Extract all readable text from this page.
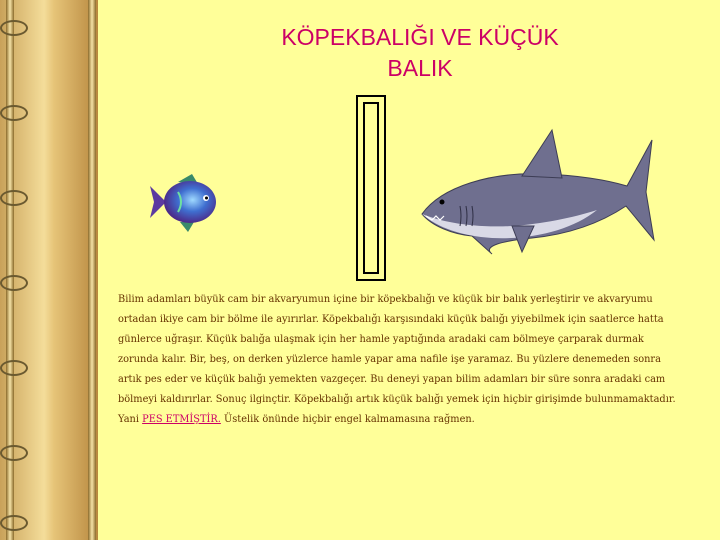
KÖPEKBALIĞI VE KÜÇÜK
BALIK

Bilim adamları büyük cam bir akvaryumun içine bir köpekbalığı ve küçük bir balık yerleştirir ve akvaryumu ortadan ikiye cam bir bölme ile ayırırlar. Köpekbalığı karşısındaki küçük balığı yiyebilmek için saatlerce hatta günlerce uğraşır. Küçük balığa ulaşmak için her hamle yaptığında aradaki cam bölmeye çarparak durmak zorunda kalır. Bir, beş, on derken yüzlerce hamle yapar ama nafile işe yaramaz. Bu yüzlere denemeden sonra artık pes eder ve küçük balığı yemekten vazgeçer. Bu deneyi yapan bilim adamları bir süre sonra aradaki cam bölmeyi kaldırırlar. Sonuç ilginçtir. Köpekbalığı artık küçük balığı yemek için hiçbir girişimde bulunmamaktadır.

Yani PES ETMİŞTİR. Üstelik önünde hiçbir engel kalmamasına rağmen.
